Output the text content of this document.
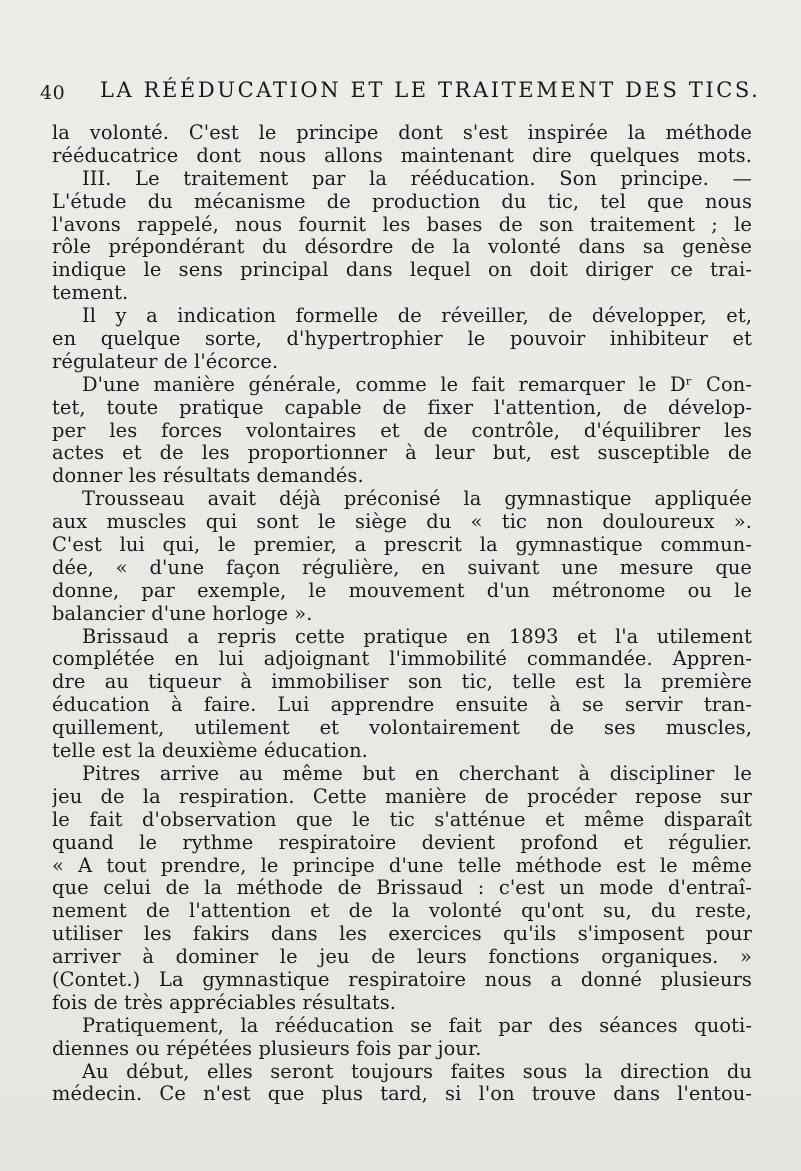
40 LA RÉÉDUCATION ET LE TRAITEMENT DES TICS.
la volonté. C'est le principe dont s'est inspirée la méthode
rééducatrice dont nous allons maintenant dire quelques mots.
III. Le traitement par la rééducation. Son principe. —
L'étude du mécanisme de production du tic, tel que nous
l'avons rappelé, nous fournit les bases de son traitement ; le
rôle prépondérant du désordre de la volonté dans sa genèse
indique le sens principal dans lequel on doit diriger ce trai-
tement.
Il y a indication formelle de réveiller, de développer, et,
en quelque sorte, d'hypertrophier le pouvoir inhibiteur et
régulateur de l'écorce.
D'une manière générale, comme le fait remarquer le Dʳ Con-
tet, toute pratique capable de fixer l'attention, de dévelop-
per les forces volontaires et de contrôle, d'équilibrer les
actes et de les proportionner à leur but, est susceptible de
donner les résultats demandés.
Trousseau avait déjà préconisé la gymnastique appliquée
aux muscles qui sont le siège du « tic non douloureux ».
C'est lui qui, le premier, a prescrit la gymnastique commun-
dée, « d'une façon régulière, en suivant une mesure que
donne, par exemple, le mouvement d'un métronome ou le
balancier d'une horloge ».
Brissaud a repris cette pratique en 1893 et l'a utilement
complétée en lui adjoignant l'immobilité commandée. Appren-
dre au tiqueur à immobiliser son tic, telle est la première
éducation à faire. Lui apprendre ensuite à se servir tran-
quillement, utilement et volontairement de ses muscles,
telle est la deuxième éducation.
Pitres arrive au même but en cherchant à discipliner le
jeu de la respiration. Cette manière de procéder repose sur
le fait d'observation que le tic s'atténue et même disparaît
quand le rythme respiratoire devient profond et régulier.
« A tout prendre, le principe d'une telle méthode est le même
que celui de la méthode de Brissaud : c'est un mode d'entraî-
nement de l'attention et de la volonté qu'ont su, du reste,
utiliser les fakirs dans les exercices qu'ils s'imposent pour
arriver à dominer le jeu de leurs fonctions organiques. »
(Contet.) La gymnastique respiratoire nous a donné plusieurs
fois de très appréciables résultats.
Pratiquement, la rééducation se fait par des séances quoti-
diennes ou répétées plusieurs fois par jour.
Au début, elles seront toujours faites sous la direction du
médecin. Ce n'est que plus tard, si l'on trouve dans l'entou-
